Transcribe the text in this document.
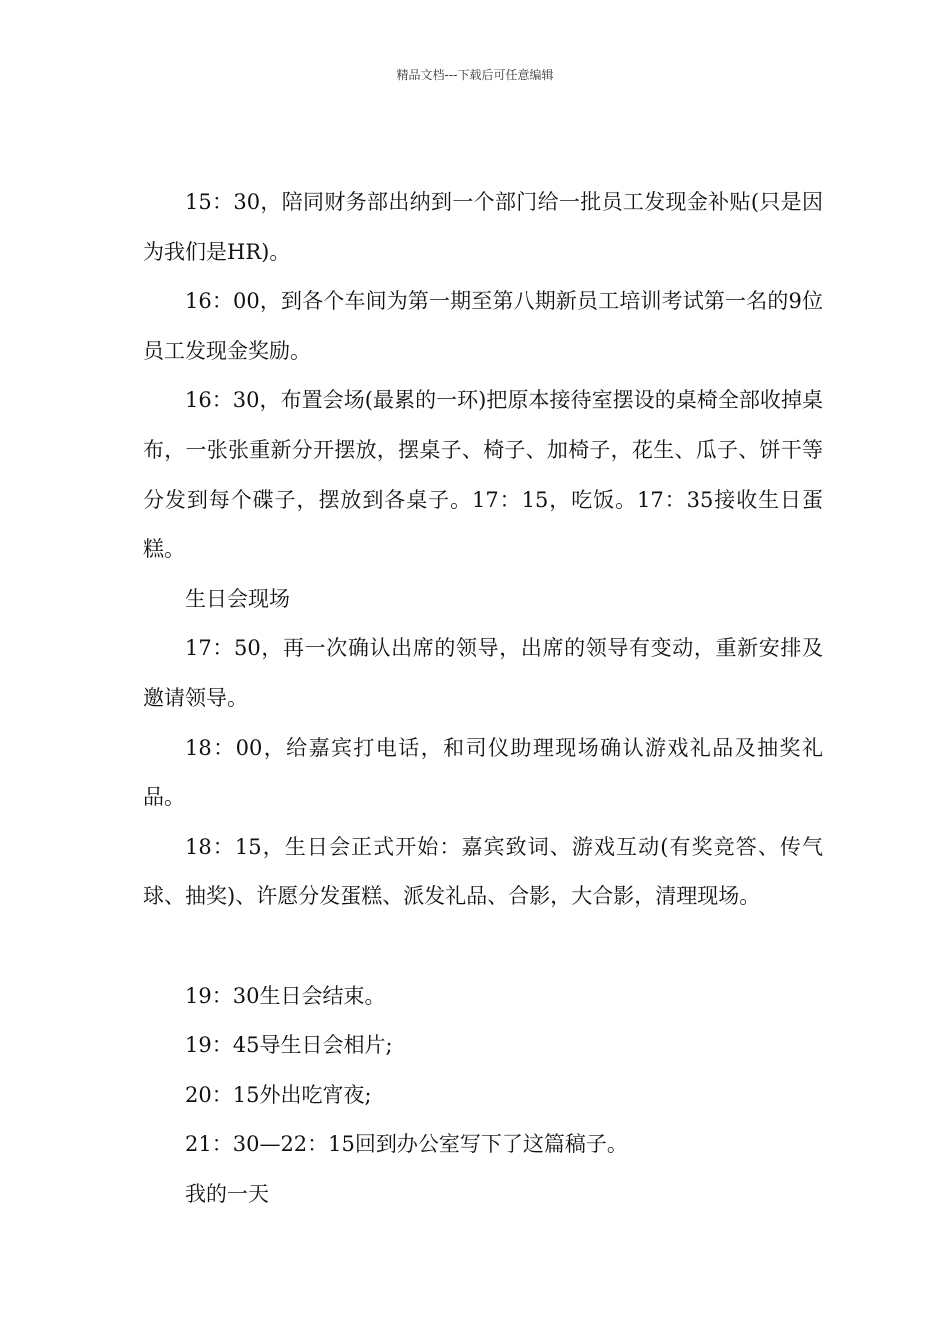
精品文档---下载后可任意编辑

15：30，陪同财务部出纳到一个部门给一批员工发现金补贴(只是因为我们是HR)。

16：00，到各个车间为第一期至第八期新员工培训考试第一名的9位员工发现金奖励。

16：30，布置会场(最累的一环)把原本接待室摆设的桌椅全部收掉桌布，一张张重新分开摆放，摆桌子、椅子、加椅子，花生、瓜子、饼干等分发到每个碟子，摆放到各桌子。17：15，吃饭。17：35接收生日蛋糕。

生日会现场

17：50，再一次确认出席的领导，出席的领导有变动，重新安排及邀请领导。

18：00，给嘉宾打电话，和司仪助理现场确认游戏礼品及抽奖礼品。

18：15，生日会正式开始：嘉宾致词、游戏互动(有奖竞答、传气球、抽奖)、许愿分发蛋糕、派发礼品、合影，大合影，清理现场。

19：30生日会结束。

19：45导生日会相片;

20：15外出吃宵夜;

21：30—22：15回到办公室写下了这篇稿子。

我的一天
